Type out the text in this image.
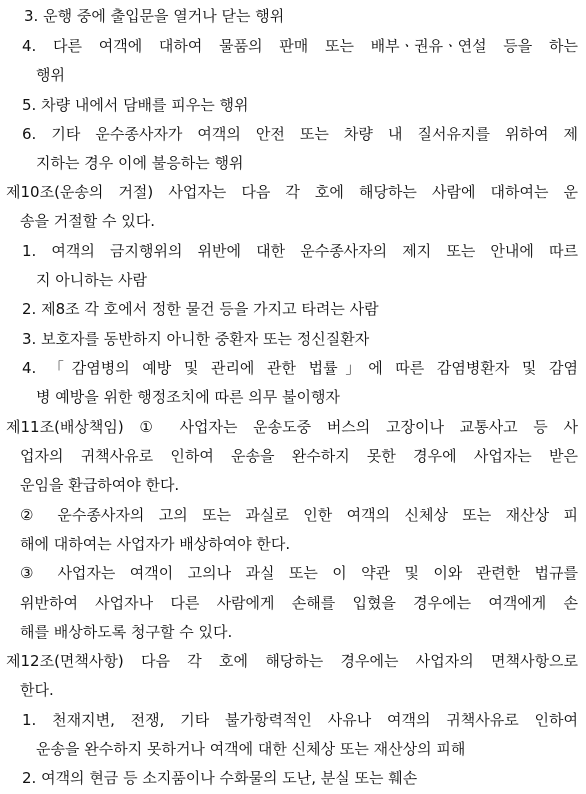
3. 운행 중에 출입문을 열거나 닫는 행위
4. 다른 여객에 대하여 물품의 판매 또는 배부ㆍ권유ㆍ연설 등을 하는
행위
5. 차량 내에서 담배를 피우는 행위
6. 기타 운수종사자가 여객의 안전 또는 차량 내 질서유지를 위하여 제
지하는 경우 이에 불응하는 행위
제10조(운송의 거절) 사업자는 다음 각 호에 해당하는 사람에 대하여는 운
송을 거절할 수 있다.
1. 여객의 금지행위의 위반에 대한 운수종사자의 제지 또는 안내에 따르
지 아니하는 사람
2. 제8조 각 호에서 정한 물건 등을 가지고 타려는 사람
3. 보호자를 동반하지 아니한 중환자 또는 정신질환자
4. 「감염병의 예방 및 관리에 관한 법률」에 따른 감염병환자 및 감염
병 예방을 위한 행정조치에 따른 의무 불이행자
제11조(배상책임) ① 사업자는 운송도중 버스의 고장이나 교통사고 등 사
업자의 귀책사유로 인하여 운송을 완수하지 못한 경우에 사업자는 받은
운임을 환급하여야 한다.
② 운수종사자의 고의 또는 과실로 인한 여객의 신체상 또는 재산상 피
해에 대하여는 사업자가 배상하여야 한다.
③ 사업자는 여객이 고의나 과실 또는 이 약관 및 이와 관련한 법규를
위반하여 사업자나 다른 사람에게 손해를 입혔을 경우에는 여객에게 손
해를 배상하도록 청구할 수 있다.
제12조(면책사항) 다음 각 호에 해당하는 경우에는 사업자의 면책사항으로
한다.
1. 천재지변, 전쟁, 기타 불가항력적인 사유나 여객의 귀책사유로 인하여
운송을 완수하지 못하거나 여객에 대한 신체상 또는 재산상의 피해
2. 여객의 현금 등 소지품이나 수화물의 도난, 분실 또는 훼손
